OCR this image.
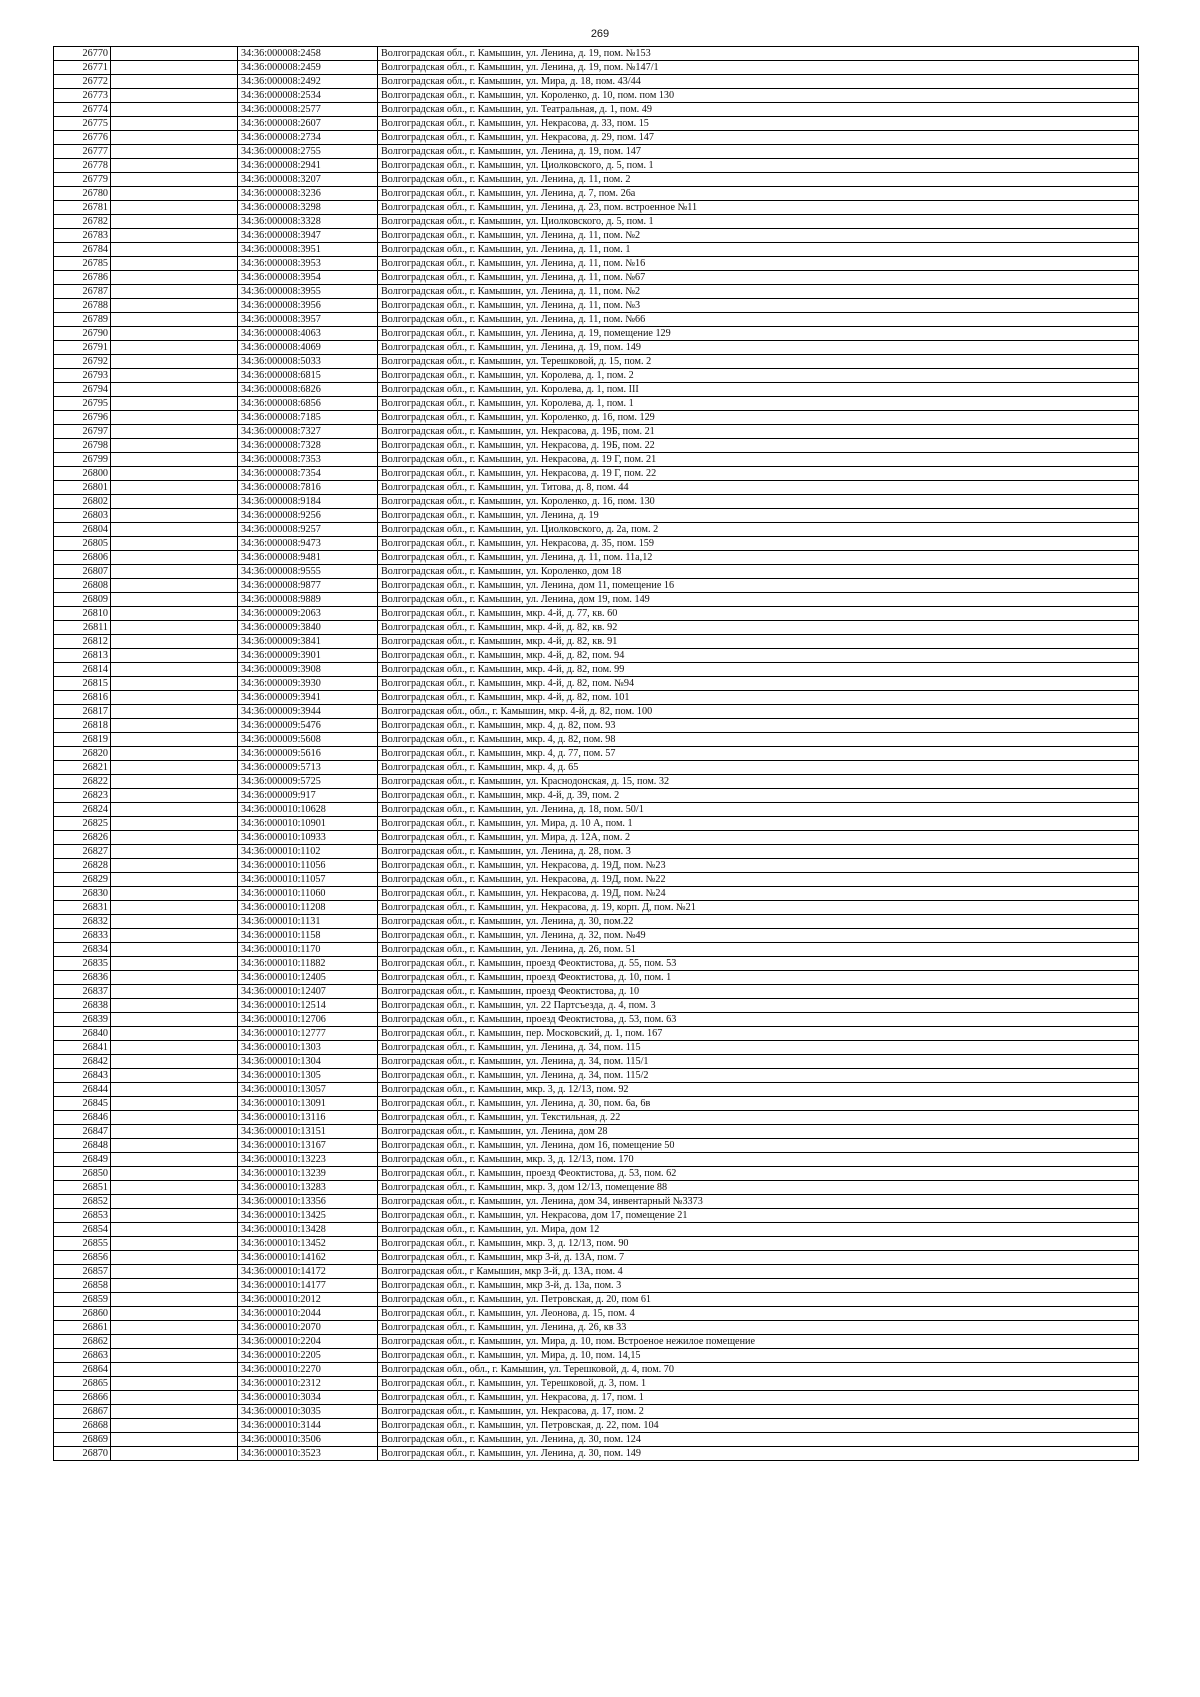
269
26770		34:36:000008:2458	Волгоградская обл., г. Камышин, ул. Ленина, д. 19, пом. №153
26771		34:36:000008:2459	Волгоградская обл., г. Камышин, ул. Ленина, д. 19, пом. №147/1
26772		34:36:000008:2492	Волгоградская обл., г. Камышин, ул. Мира, д. 18, пом. 43/44
26773		34:36:000008:2534	Волгоградская обл., г. Камышин, ул. Короленко, д. 10, пом. пом 130
26774		34:36:000008:2577	Волгоградская обл., г. Камышин, ул. Театральная, д. 1, пом. 49
26775		34:36:000008:2607	Волгоградская обл., г. Камышин, ул. Некрасова, д. 33, пом. 15
26776		34:36:000008:2734	Волгоградская обл., г. Камышин, ул. Некрасова, д. 29, пом. 147
26777		34:36:000008:2755	Волгоградская обл., г. Камышин, ул. Ленина, д. 19, пом. 147
26778		34:36:000008:2941	Волгоградская обл., г. Камышин, ул. Циолковского, д. 5, пом. 1
26779		34:36:000008:3207	Волгоградская обл., г. Камышин, ул. Ленина, д. 11, пом. 2
26780		34:36:000008:3236	Волгоградская обл., г. Камышин, ул. Ленина, д. 7, пом. 26а
26781		34:36:000008:3298	Волгоградская обл., г. Камышин, ул. Ленина, д. 23, пом. встроенное №11
26782		34:36:000008:3328	Волгоградская обл., г. Камышин, ул. Циолковского, д. 5, пом. 1
26783		34:36:000008:3947	Волгоградская обл., г. Камышин, ул. Ленина, д. 11, пом. №2
26784		34:36:000008:3951	Волгоградская обл., г. Камышин, ул. Ленина, д. 11, пом. 1
26785		34:36:000008:3953	Волгоградская обл., г. Камышин, ул. Ленина, д. 11, пом. №16
26786		34:36:000008:3954	Волгоградская обл., г. Камышин, ул. Ленина, д. 11, пом. №67
26787		34:36:000008:3955	Волгоградская обл., г. Камышин, ул. Ленина, д. 11, пом. №2
26788		34:36:000008:3956	Волгоградская обл., г. Камышин, ул. Ленина, д. 11, пом. №3
26789		34:36:000008:3957	Волгоградская обл., г. Камышин, ул. Ленина, д. 11, пом. №66
26790		34:36:000008:4063	Волгоградская обл., г. Камышин, ул. Ленина, д. 19, помещение 129
26791		34:36:000008:4069	Волгоградская обл., г. Камышин, ул. Ленина, д. 19, пом. 149
26792		34:36:000008:5033	Волгоградская обл., г. Камышин, ул. Терешковой, д. 15, пом. 2
26793		34:36:000008:6815	Волгоградская обл., г. Камышин, ул. Королева, д. 1, пом. 2
26794		34:36:000008:6826	Волгоградская обл., г. Камышин, ул. Королева, д. 1, пом. III
26795		34:36:000008:6856	Волгоградская обл., г. Камышин, ул. Королева, д. 1, пом. 1
26796		34:36:000008:7185	Волгоградская обл., г. Камышин, ул. Короленко, д. 16, пом. 129
26797		34:36:000008:7327	Волгоградская обл., г. Камышин, ул. Некрасова, д. 19Б, пом. 21
26798		34:36:000008:7328	Волгоградская обл., г. Камышин, ул. Некрасова, д. 19Б, пом. 22
26799		34:36:000008:7353	Волгоградская обл., г. Камышин, ул. Некрасова, д. 19 Г, пом. 21
26800		34:36:000008:7354	Волгоградская обл., г. Камышин, ул. Некрасова, д. 19 Г, пом. 22
26801		34:36:000008:7816	Волгоградская обл., г. Камышин, ул. Титова, д. 8, пом. 44
26802		34:36:000008:9184	Волгоградская обл., г. Камышин, ул. Короленко, д. 16, пом. 130
26803		34:36:000008:9256	Волгоградская обл., г. Камышин, ул. Ленина, д. 19
26804		34:36:000008:9257	Волгоградская обл., г. Камышин, ул. Циолковского, д. 2а, пом. 2
26805		34:36:000008:9473	Волгоградская обл., г. Камышин, ул. Некрасова, д. 35, пом. 159
26806		34:36:000008:9481	Волгоградская обл., г. Камышин, ул. Ленина, д. 11, пом. 11а,12
26807		34:36:000008:9555	Волгоградская обл., г. Камышин, ул. Короленко, дом 18
26808		34:36:000008:9877	Волгоградская обл., г. Камышин, ул. Ленина, дом 11, помещение 16
26809		34:36:000008:9889	Волгоградская обл., г. Камышин, ул. Ленина, дом 19, пом. 149
26810		34:36:000009:2063	Волгоградская обл., г. Камышин, мкр. 4-й, д. 77, кв. 60
26811		34:36:000009:3840	Волгоградская обл., г. Камышин, мкр. 4-й, д. 82, кв. 92
26812		34:36:000009:3841	Волгоградская обл., г. Камышин, мкр. 4-й, д. 82, кв. 91
26813		34:36:000009:3901	Волгоградская обл., г. Камышин, мкр. 4-й, д. 82, пом. 94
26814		34:36:000009:3908	Волгоградская обл., г. Камышин, мкр. 4-й, д. 82, пом. 99
26815		34:36:000009:3930	Волгоградская обл., г. Камышин, мкр. 4-й, д. 82, пом. №94
26816		34:36:000009:3941	Волгоградская обл., г. Камышин, мкр. 4-й, д. 82, пом. 101
26817		34:36:000009:3944	Волгоградская обл., обл., г. Камышин, мкр. 4-й, д. 82, пом. 100
26818		34:36:000009:5476	Волгоградская обл., г. Камышин, мкр. 4, д. 82, пом. 93
26819		34:36:000009:5608	Волгоградская обл., г. Камышин, мкр. 4, д. 82, пом. 98
26820		34:36:000009:5616	Волгоградская обл., г. Камышин, мкр. 4, д. 77, пом. 57
26821		34:36:000009:5713	Волгоградская обл., г. Камышин, мкр. 4, д. 65
26822		34:36:000009:5725	Волгоградская обл., г. Камышин, ул. Краснодонская, д. 15, пом. 32
26823		34:36:000009:917	Волгоградская обл., г. Камышин, мкр. 4-й, д. 39, пом. 2
26824		34:36:000010:10628	Волгоградская обл., г. Камышин, ул. Ленина, д. 18, пом. 50/1
26825		34:36:000010:10901	Волгоградская обл., г. Камышин, ул. Мира, д. 10 А, пом. 1
26826		34:36:000010:10933	Волгоградская обл., г. Камышин, ул. Мира, д. 12А, пом. 2
26827		34:36:000010:1102	Волгоградская обл., г. Камышин, ул. Ленина, д. 28, пом. 3
26828		34:36:000010:11056	Волгоградская обл., г. Камышин, ул. Некрасова, д. 19Д, пом. №23
26829		34:36:000010:11057	Волгоградская обл., г. Камышин, ул. Некрасова, д. 19Д, пом. №22
26830		34:36:000010:11060	Волгоградская обл., г. Камышин, ул. Некрасова, д. 19Д, пом. №24
26831		34:36:000010:11208	Волгоградская обл., г. Камышин, ул. Некрасова, д. 19, корп. Д, пом. №21
26832		34:36:000010:1131	Волгоградская обл., г. Камышин, ул. Ленина, д. 30, пом.22
26833		34:36:000010:1158	Волгоградская обл., г. Камышин, ул. Ленина, д. 32, пом. №49
26834		34:36:000010:1170	Волгоградская обл., г. Камышин, ул. Ленина, д. 26, пом. 51
26835		34:36:000010:11882	Волгоградская обл., г. Камышин, проезд Феоктистова, д. 55, пом. 53
26836		34:36:000010:12405	Волгоградская обл., г. Камышин, проезд Феоктистова, д. 10, пом. 1
26837		34:36:000010:12407	Волгоградская обл., г. Камышин, проезд Феоктистова, д. 10
26838		34:36:000010:12514	Волгоградская обл., г. Камышин, ул. 22 Партсъезда, д. 4, пом. 3
26839		34:36:000010:12706	Волгоградская обл., г. Камышин, проезд Феоктистова, д. 53, пом. 63
26840		34:36:000010:12777	Волгоградская обл., г. Камышин, пер. Московский, д. 1, пом. 167
26841		34:36:000010:1303	Волгоградская обл., г. Камышин, ул. Ленина, д. 34, пом. 115
26842		34:36:000010:1304	Волгоградская обл., г. Камышин, ул. Ленина, д. 34, пом. 115/1
26843		34:36:000010:1305	Волгоградская обл., г. Камышин, ул. Ленина, д. 34, пом. 115/2
26844		34:36:000010:13057	Волгоградская обл., г. Камышин, мкр. 3, д. 12/13, пом. 92
26845		34:36:000010:13091	Волгоградская обл., г. Камышин, ул. Ленина, д. 30, пом. 6а, 6в
26846		34:36:000010:13116	Волгоградская обл., г. Камышин, ул. Текстильная, д. 22
26847		34:36:000010:13151	Волгоградская обл., г. Камышин, ул. Ленина, дом 28
26848		34:36:000010:13167	Волгоградская обл., г. Камышин, ул. Ленина, дом 16, помещение 50
26849		34:36:000010:13223	Волгоградская обл., г. Камышин, мкр. 3, д. 12/13, пом. 170
26850		34:36:000010:13239	Волгоградская обл., г. Камышин, проезд Феоктистова, д. 53, пом. 62
26851		34:36:000010:13283	Волгоградская обл., г. Камышин, мкр. 3, дом 12/13, помещение 88
26852		34:36:000010:13356	Волгоградская обл., г. Камышин, ул. Ленина, дом 34, инвентарный №3373
26853		34:36:000010:13425	Волгоградская обл., г. Камышин, ул. Некрасова, дом 17, помещение 21
26854		34:36:000010:13428	Волгоградская обл., г. Камышин, ул. Мира, дом 12
26855		34:36:000010:13452	Волгоградская обл., г. Камышин, мкр. 3, д. 12/13, пом. 90
26856		34:36:000010:14162	Волгоградская обл., г. Камышин, мкр 3-й, д. 13А, пом. 7
26857		34:36:000010:14172	Волгоградская обл., г Камышин, мкр 3-й, д. 13А, пом. 4
26858		34:36:000010:14177	Волгоградская обл., г. Камышин, мкр 3-й, д. 13а, пом. 3
26859		34:36:000010:2012	Волгоградская обл., г. Камышин, ул. Петровская, д. 20, пом 61
26860		34:36:000010:2044	Волгоградская обл., г. Камышин, ул. Леонова, д. 15, пом. 4
26861		34:36:000010:2070	Волгоградская обл., г. Камышин, ул. Ленина, д. 26, кв 33
26862		34:36:000010:2204	Волгоградская обл., г. Камышин, ул. Мира, д. 10, пом. Встроеное нежилое помещение
26863		34:36:000010:2205	Волгоградская обл., г. Камышин, ул. Мира, д. 10, пом. 14,15
26864		34:36:000010:2270	Волгоградская обл., обл., г. Камышин, ул. Терешковой, д. 4, пом. 70
26865		34:36:000010:2312	Волгоградская обл., г. Камышин, ул. Терешковой, д. 3, пом. 1
26866		34:36:000010:3034	Волгоградская обл., г. Камышин, ул. Некрасова, д. 17, пом. 1
26867		34:36:000010:3035	Волгоградская обл., г. Камышин, ул. Некрасова, д. 17, пом. 2
26868		34:36:000010:3144	Волгоградская обл., г. Камышин, ул. Петровская, д. 22, пом. 104
26869		34:36:000010:3506	Волгоградская обл., г. Камышин, ул. Ленина, д. 30, пом. 124
26870		34:36:000010:3523	Волгоградская обл., г. Камышин, ул. Ленина, д. 30, пом. 149
